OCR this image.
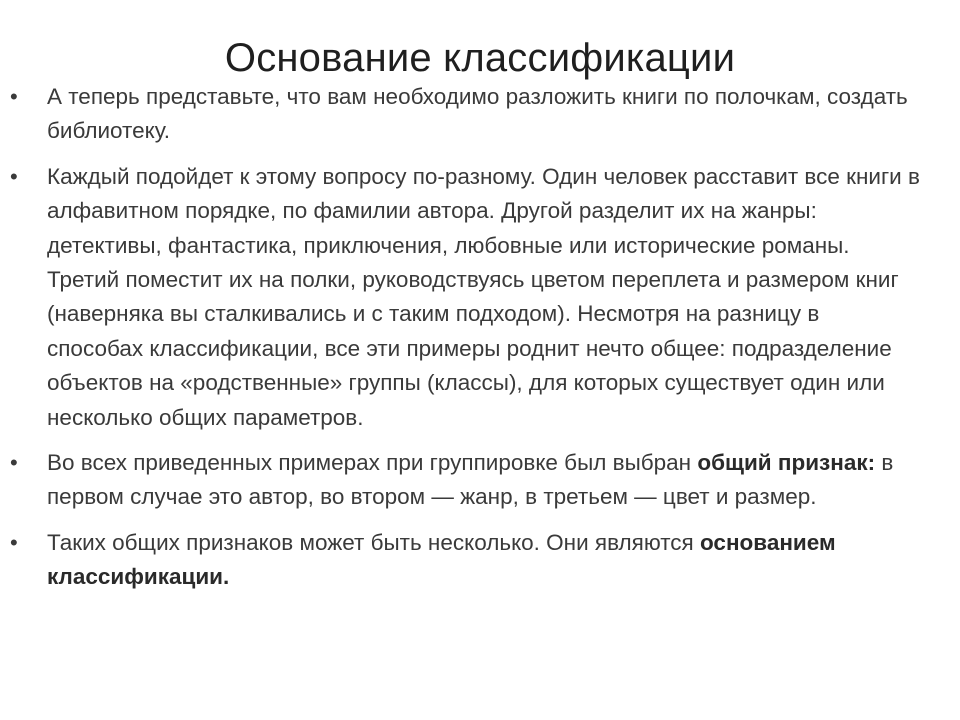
Основание классификации
• А теперь представьте, что вам необходимо разложить книги по полочкам, создать библиотеку.
• Каждый подойдет к этому вопросу по-разному. Один человек расставит все книги в алфавитном порядке, по фамилии автора. Другой разделит их на жанры: детективы, фантастика, приключения, любовные или исторические романы. Третий поместит их на полки, руководствуясь цветом переплета и размером книг (наверняка вы сталкивались и с таким подходом). Несмотря на разницу в способах классификации, все эти примеры роднит нечто общее: подразделение объектов на «родственные» группы (классы), для которых существует один или несколько общих параметров.
• Во всех приведенных примерах при группировке был выбран общий признак: в первом случае это автор, во втором — жанр, в третьем — цвет и размер.
• Таких общих признаков может быть несколько. Они являются основанием классификации.
